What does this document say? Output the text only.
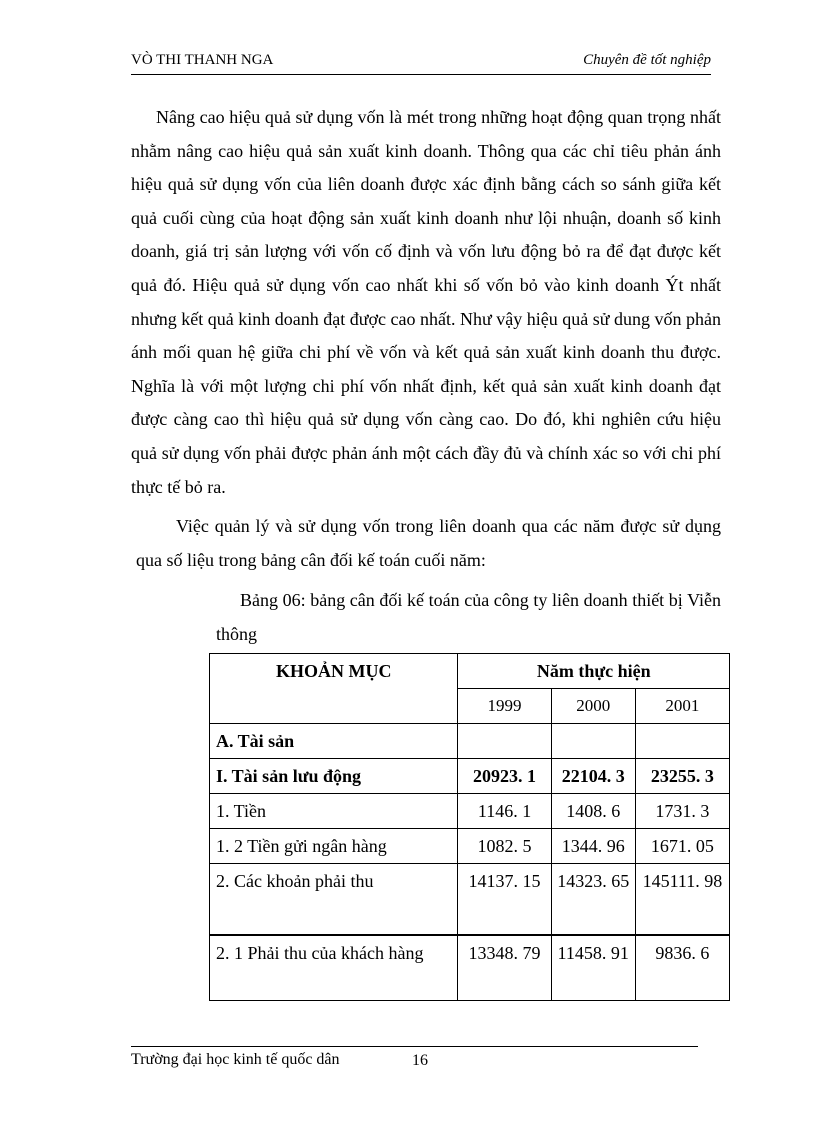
VÒ THI THANH NGA	Chuyên đề tốt nghiệp
Nâng cao hiệu quả sử dụng vốn là mét trong những hoạt động quan trọng nhất nhằm nâng cao hiệu quả sản xuất kinh doanh. Thông qua các chỉ tiêu phản ánh hiệu quả sử dụng vốn của liên doanh được xác định bằng cách so sánh giữa kết quả cuối cùng của hoạt động sản xuất kinh doanh như lội nhuận, doanh số kinh doanh, giá trị sản lượng với vốn cố định và vốn lưu động bỏ ra để đạt được kết quả đó. Hiệu quả sử dụng vốn cao nhất khi số vốn bỏ vào kinh doanh Ýt nhất nhưng kết quả kinh doanh đạt được cao nhất. Như vậy hiệu quả sử dung vốn phản ánh mối quan hệ giữa chi phí về vốn và kết quả sản xuất kinh doanh thu được. Nghĩa là với một lượng chi phí vốn nhất định, kết quả sản xuất kinh doanh đạt được càng cao thì hiệu quả sử dụng vốn càng cao. Do đó, khi nghiên cứu hiệu quả sử dụng vốn phải được phản ánh một cách đầy đủ và chính xác so với chi phí thực tế bỏ ra.
Việc quản lý và sử dụng vốn trong liên doanh qua các năm được sử dụng qua số liệu trong bảng cân đối kế toán cuối năm:
Bảng 06: bảng cân đối kế toán của công ty liên doanh thiết bị Viễn thông
KHOẢN MỤC	Năm thực hiện		
	1999	2000	2001
A. Tài sản			
I. Tài sản lưu động	20923. 1	22104. 3	23255. 3
1. Tiền	1146. 1	1408. 6	1731. 3
1. 2 Tiền gửi ngân hàng	1082. 5	1344. 96	1671. 05
2. Các khoản phải thu	14137. 15	14323. 65	145111. 98
2. 1 Phải thu của khách hàng	13348. 79	11458. 91	9836. 6
Trường đại học kinh tế quốc dân	16
